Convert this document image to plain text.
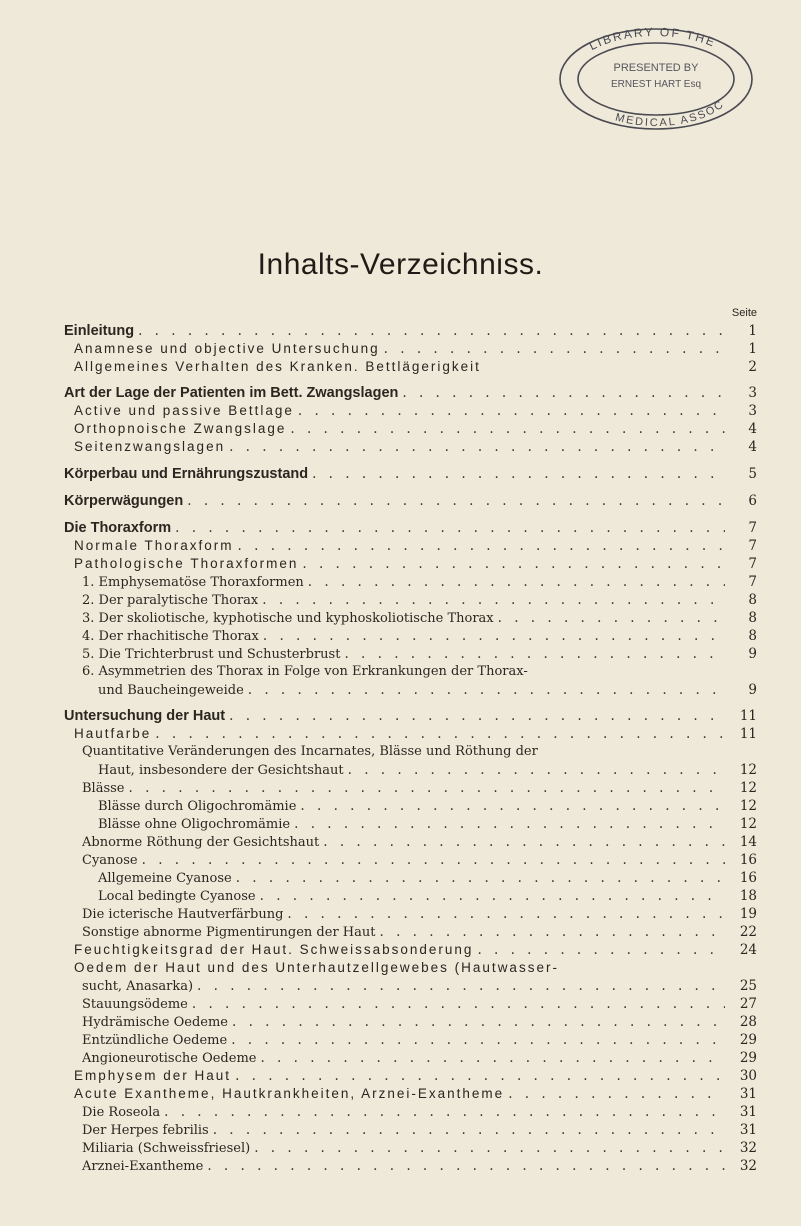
LIBRARY OF THE
PRESENTED BY
ERNEST HART Esq
MEDICAL ASSOC
Inhalts-Verzeichniss.
Seite
Einleitung . . .	1
Anamnese und objective Untersuchung . . .	1
Allgemeines Verhalten des Kranken. Bettlägerigkeit	2
Art der Lage der Patienten im Bett. Zwangslagen . . .	3
Active und passive Bettlage . . .	3
Orthopnoische Zwangslage . . .	4
Seitenzwangslagen . . .	4
Körperbau und Ernährungszustand . . .	5
Körperwägungen . . .	6
Die Thoraxform . . .	7
Normale Thoraxform . . .	7
Pathologische Thoraxformen . . .	7
1. Emphysematöse Thoraxformen . . .	7
2. Der paralytische Thorax . . .	8
3. Der skoliotische, kyphotische und kyphoskoliotische Thorax . . .	8
4. Der rhachitische Thorax . . .	8
5. Die Trichterbrust und Schusterbrust . . .	9
6. Asymmetrien des Thorax in Folge von Erkrankungen der Thorax-
und Baucheingeweide . . .	9
Untersuchung der Haut . . .	11
Hautfarbe . . .	11
Quantitative Veränderungen des Incarnates, Blässe und Röthung der
Haut, insbesondere der Gesichtshaut . . .	12
Blässe . . .	12
Blässe durch Oligochromämie . . .	12
Blässe ohne Oligochromämie . . .	12
Abnorme Röthung der Gesichtshaut . . .	14
Cyanose . . .	16
Allgemeine Cyanose . . .	16
Local bedingte Cyanose . . .	18
Die icterische Hautverfärbung . . .	19
Sonstige abnorme Pigmentirungen der Haut . . .	22
Feuchtigkeitsgrad der Haut. Schweissabsonderung . . .	24
Oedem der Haut und des Unterhautzellgewebes (Hautwasser-
sucht, Anasarka) . . .	25
Stauungsödeme . . .	27
Hydrämische Oedeme . . .	28
Entzündliche Oedeme . . .	29
Angioneurotische Oedeme . . .	29
Emphysem der Haut . . .	30
Acute Exantheme, Hautkrankheiten, Arznei-Exantheme . . .	31
Die Roseola . . .	31
Der Herpes febrilis . . .	31
Miliaria (Schweissfriesel) . . .	32
Arznei-Exantheme . . .	32
